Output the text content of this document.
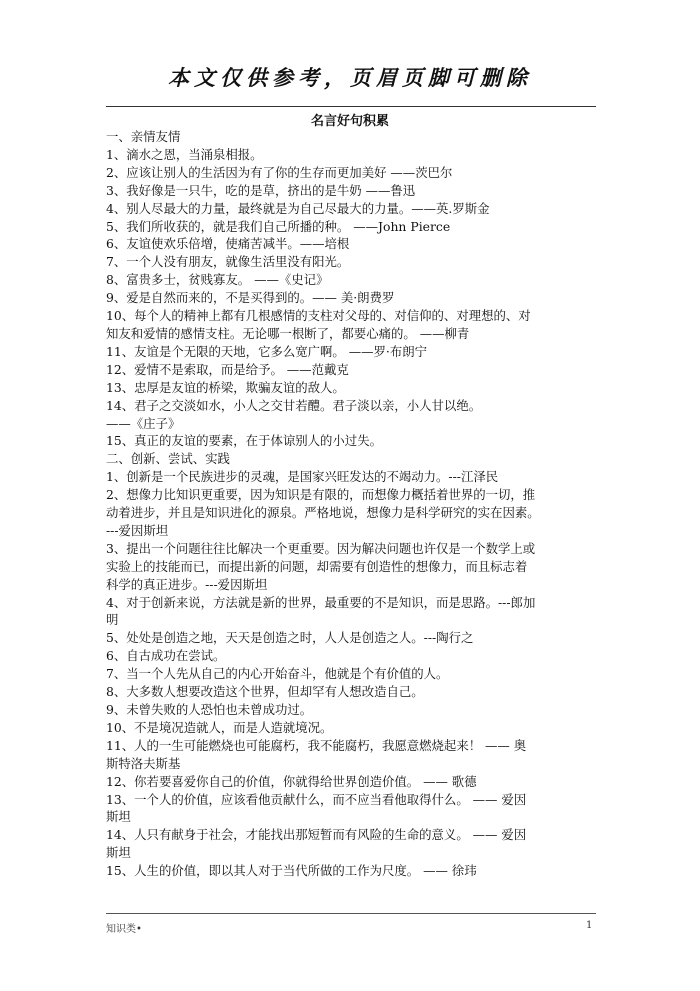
本文仅供参考，页眉页脚可删除
名言好句积累
一、亲情友情
1、滴水之恩，当涌泉相报。
2、应该让别人的生活因为有了你的生存而更加美好 ——茨巴尔
3、我好像是一只牛，吃的是草，挤出的是牛奶 ——鲁迅
4、别人尽最大的力量，最终就是为自己尽最大的力量。——英.罗斯金
5、我们所收获的，就是我们自己所播的种。 ——John Pierce
6、友谊使欢乐倍增，使痛苦减半。——培根
7、一个人没有朋友，就像生活里没有阳光。
8、富贵多士，贫贱寡友。 ——《史记》
9、爱是自然而来的，不是买得到的。—— 美·朗费罗
10、每个人的精神上都有几根感情的支柱对父母的、对信仰的、对理想的、对
知友和爱情的感情支柱。无论哪一根断了，都要心痛的。 ——柳青
11、友谊是个无限的天地，它多么宽广啊。 ——罗·布朗宁
12、爱情不是索取，而是给予。 ——范戴克
13、忠厚是友谊的桥梁，欺骗友谊的敌人。
14、君子之交淡如水，小人之交甘若醴。君子淡以亲，小人甘以绝。
——《庄子》
15、真正的友谊的要素，在于体谅别人的小过失。
二、创新、尝试、实践
1、创新是一个民族进步的灵魂，是国家兴旺发达的不竭动力。---江泽民
2、想像力比知识更重要，因为知识是有限的，而想像力概括着世界的一切，推
动着进步，并且是知识进化的源泉。严格地说，想像力是科学研究的实在因素。
---爱因斯坦
3、提出一个问题往往比解决一个更重要。因为解决问题也许仅是一个数学上或
实验上的技能而已，而提出新的问题，却需要有创造性的想像力，而且标志着
科学的真正进步。---爱因斯坦
4、对于创新来说，方法就是新的世界，最重要的不是知识，而是思路。---郎加
明
5、处处是创造之地，天天是创造之时，人人是创造之人。---陶行之
6、自古成功在尝试。
7、当一个人先从自己的内心开始奋斗，他就是个有价值的人。
8、大多数人想要改造这个世界，但却罕有人想改造自己。
9、未曾失败的人恐怕也未曾成功过。
10、不是境况造就人，而是人造就境况。
11、人的一生可能燃烧也可能腐朽，我不能腐朽，我愿意燃烧起来！ —— 奥
斯特洛夫斯基
12、你若要喜爱你自己的价值，你就得给世界创造价值。 —— 歌德
13、一个人的价值，应该看他贡献什么，而不应当看他取得什么。 —— 爱因
斯坦
14、人只有献身于社会，才能找出那短暂而有风险的生命的意义。 —— 爱因
斯坦
15、人生的价值，即以其人对于当代所做的工作为尺度。 —— 徐玮
知识类•	1
